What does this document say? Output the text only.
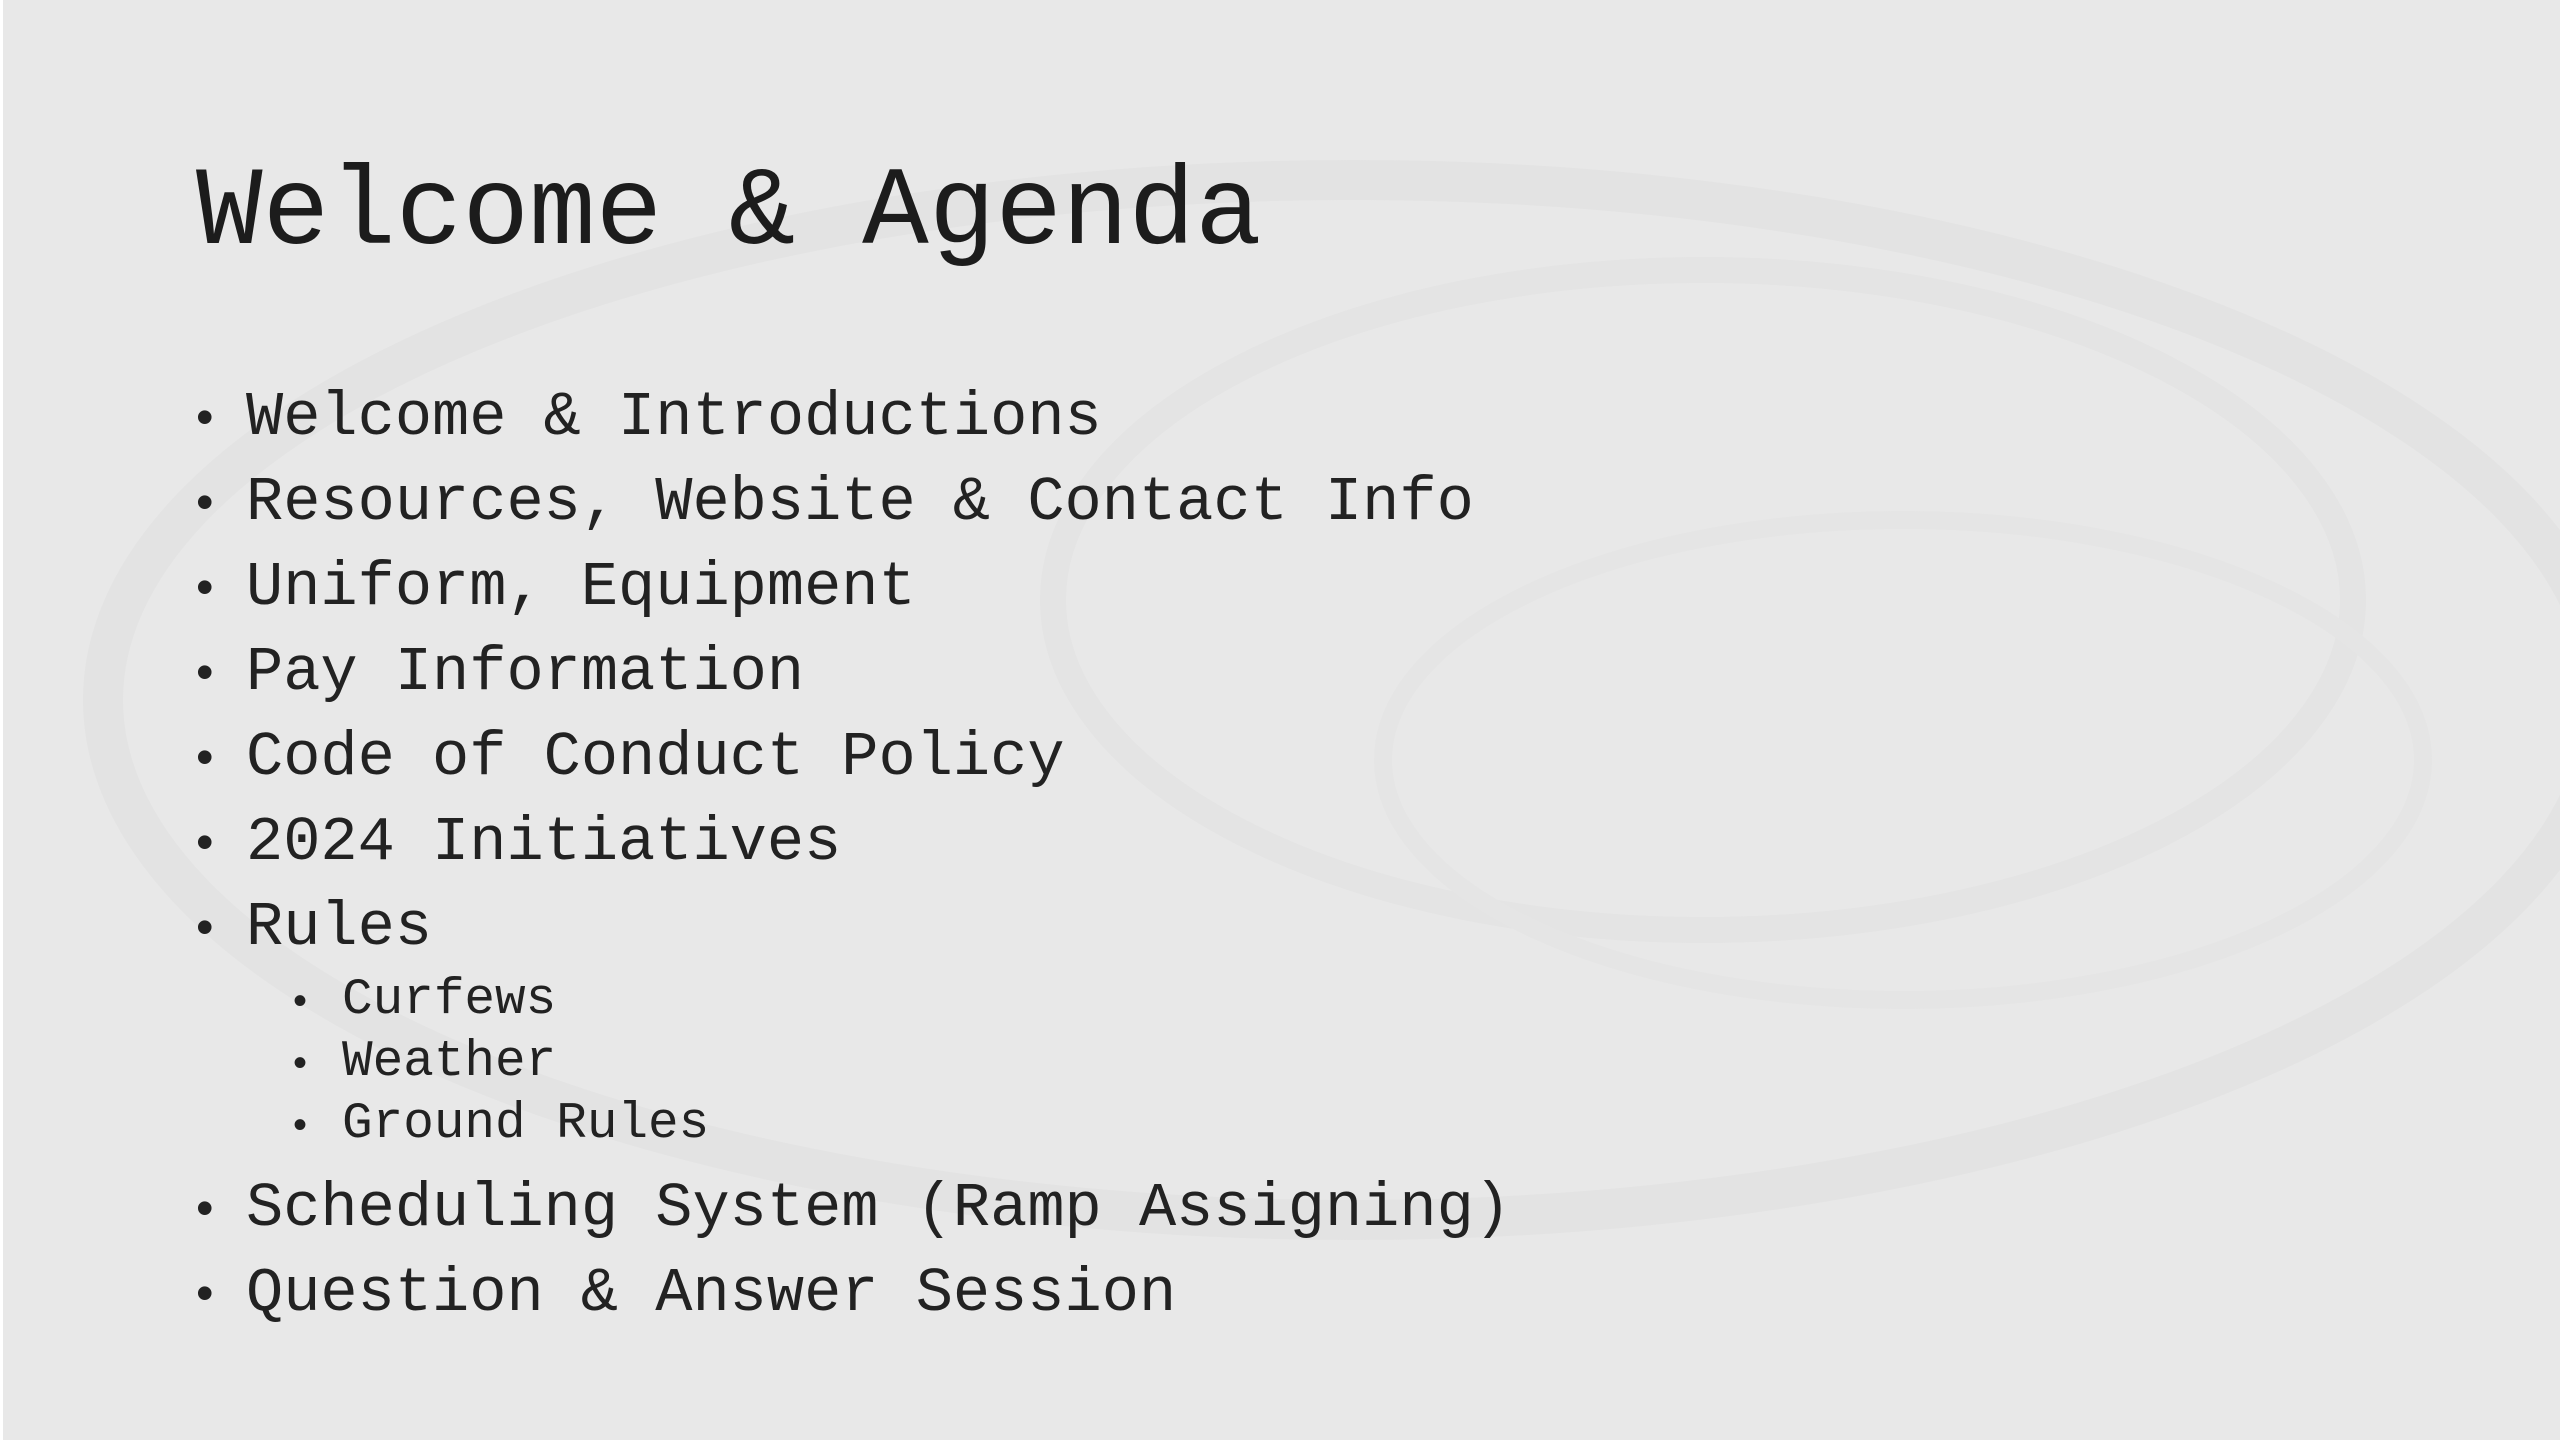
Welcome & Agenda
• Welcome & Introductions
• Resources, Website & Contact Info
• Uniform, Equipment
• Pay Information
• Code of Conduct Policy
• 2024 Initiatives
• Rules
• Curfews
• Weather
• Ground Rules
• Scheduling System (Ramp Assigning)
• Question & Answer Session
